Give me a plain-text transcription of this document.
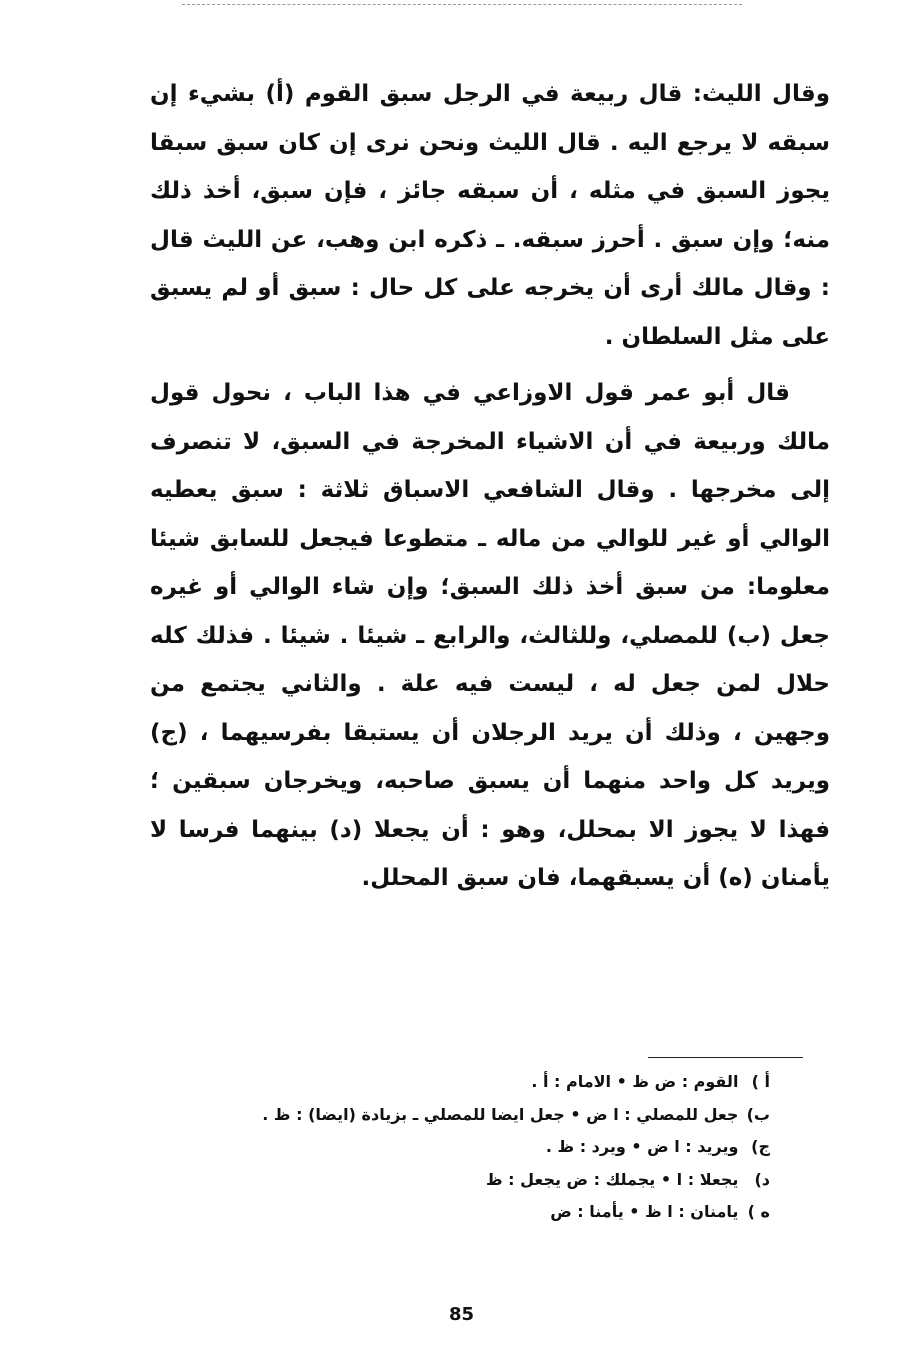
وقال الليث: قال ربيعة في الرجل سبق القوم (أ) بشيء إن سبقه لا يرجع اليه . قال الليث ونحن نرى إن كان سبق سبقا يجوز السبق في مثله ، أن سبقه جائز ، فإن سبق، أخذ ذلك منه؛ وإن سبق . أحرز سبقه. ـ ذكره ابن وهب، عن الليث قال : وقال مالك أرى أن يخرجه على كل حال : سبق أو لم يسبق على مثل السلطان .

قال أبو عمر قول الاوزاعي في هذا الباب ، نحول قول مالك وربيعة في أن الاشياء المخرجة في السبق، لا تنصرف إلى مخرجها . وقال الشافعي الاسباق ثلاثة : سبق يعطيه الوالي أو غير للوالي من ماله ـ متطوعا فيجعل للسابق شيئا معلوما: من سبق أخذ ذلك السبق؛ وإن شاء الوالي أو غيره جعل (ب) للمصلي، وللثالث، والرابع ـ شيئا . شيئا . فذلك كله حلال لمن جعل له ، ليست فيه علة . والثاني يجتمع من وجهين ، وذلك أن يريد الرجلان أن يستبقا بفرسيهما ، (ج) ويريد كل واحد منهما أن يسبق صاحبه، ويخرجان سبقين ؛ فهذا لا يجوز الا بمحلل، وهو : أن يجعلا (د) بينهما فرسا لا يأمنان (ه) أن يسبقهما، فان سبق المحلل.

أ ) القوم : ض ظ • الامام : أ .
ب) جعل للمصلي : ا ض • جعل ايضا للمصلي ـ بزيادة (ايضا) : ظ .
ج) ويريد : ا ض • ويرد : ظ .
د) يجعلا : ا • يجملك : ض يجعل : ظ
ه ) يامنان : ا ظ • يأمنا : ض
85
